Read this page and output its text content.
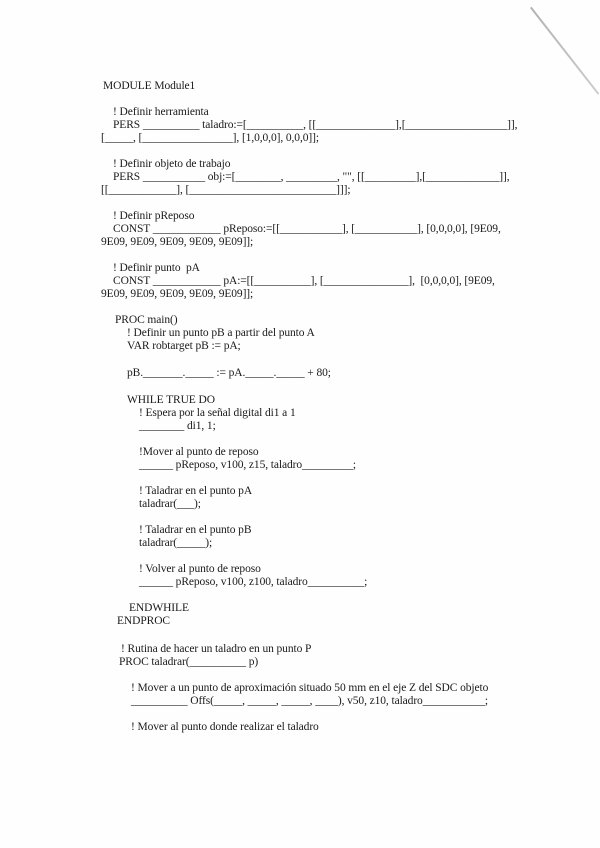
MODULE Module1
! Definir herramienta
PERS __________ taladro:=[__________, [[______________],[__________________]],
[_____, [________________], [1,0,0,0], 0,0,0]];
! Definir objeto de trabajo
PERS ___________ obj:=[________, _________, "", [[_________],[_____________]],
[[____________], [__________________________]]];
! Definir pReposo
CONST ____________ pReposo:=[[___________], [___________], [0,0,0,0], [9E09,
9E09, 9E09, 9E09, 9E09, 9E09]];
! Definir punto  pA
CONST ____________ pA:=[[__________], [_______________],  [0,0,0,0], [9E09,
9E09, 9E09, 9E09, 9E09, 9E09]];
PROC main()
! Definir un punto pB a partir del punto A
VAR robtarget pB := pA;
pB._______._____ := pA._____._____ + 80;
WHILE TRUE DO
! Espera por la señal digital di1 a 1
________ di1, 1;
!Mover al punto de reposo
______ pReposo, v100, z15, taladro_________;
! Taladrar en el punto pA
taladrar(___);
! Taladrar en el punto pB
taladrar(_____);
! Volver al punto de reposo
______ pReposo, v100, z100, taladro__________;
ENDWHILE
ENDPROC
! Rutina de hacer un taladro en un punto P
PROC taladrar(__________ p)
! Mover a un punto de aproximación situado 50 mm en el eje Z del SDC objeto
__________ Offs(_____, _____, _____, ____), v50, z10, taladro___________;
! Mover al punto donde realizar el taladro
